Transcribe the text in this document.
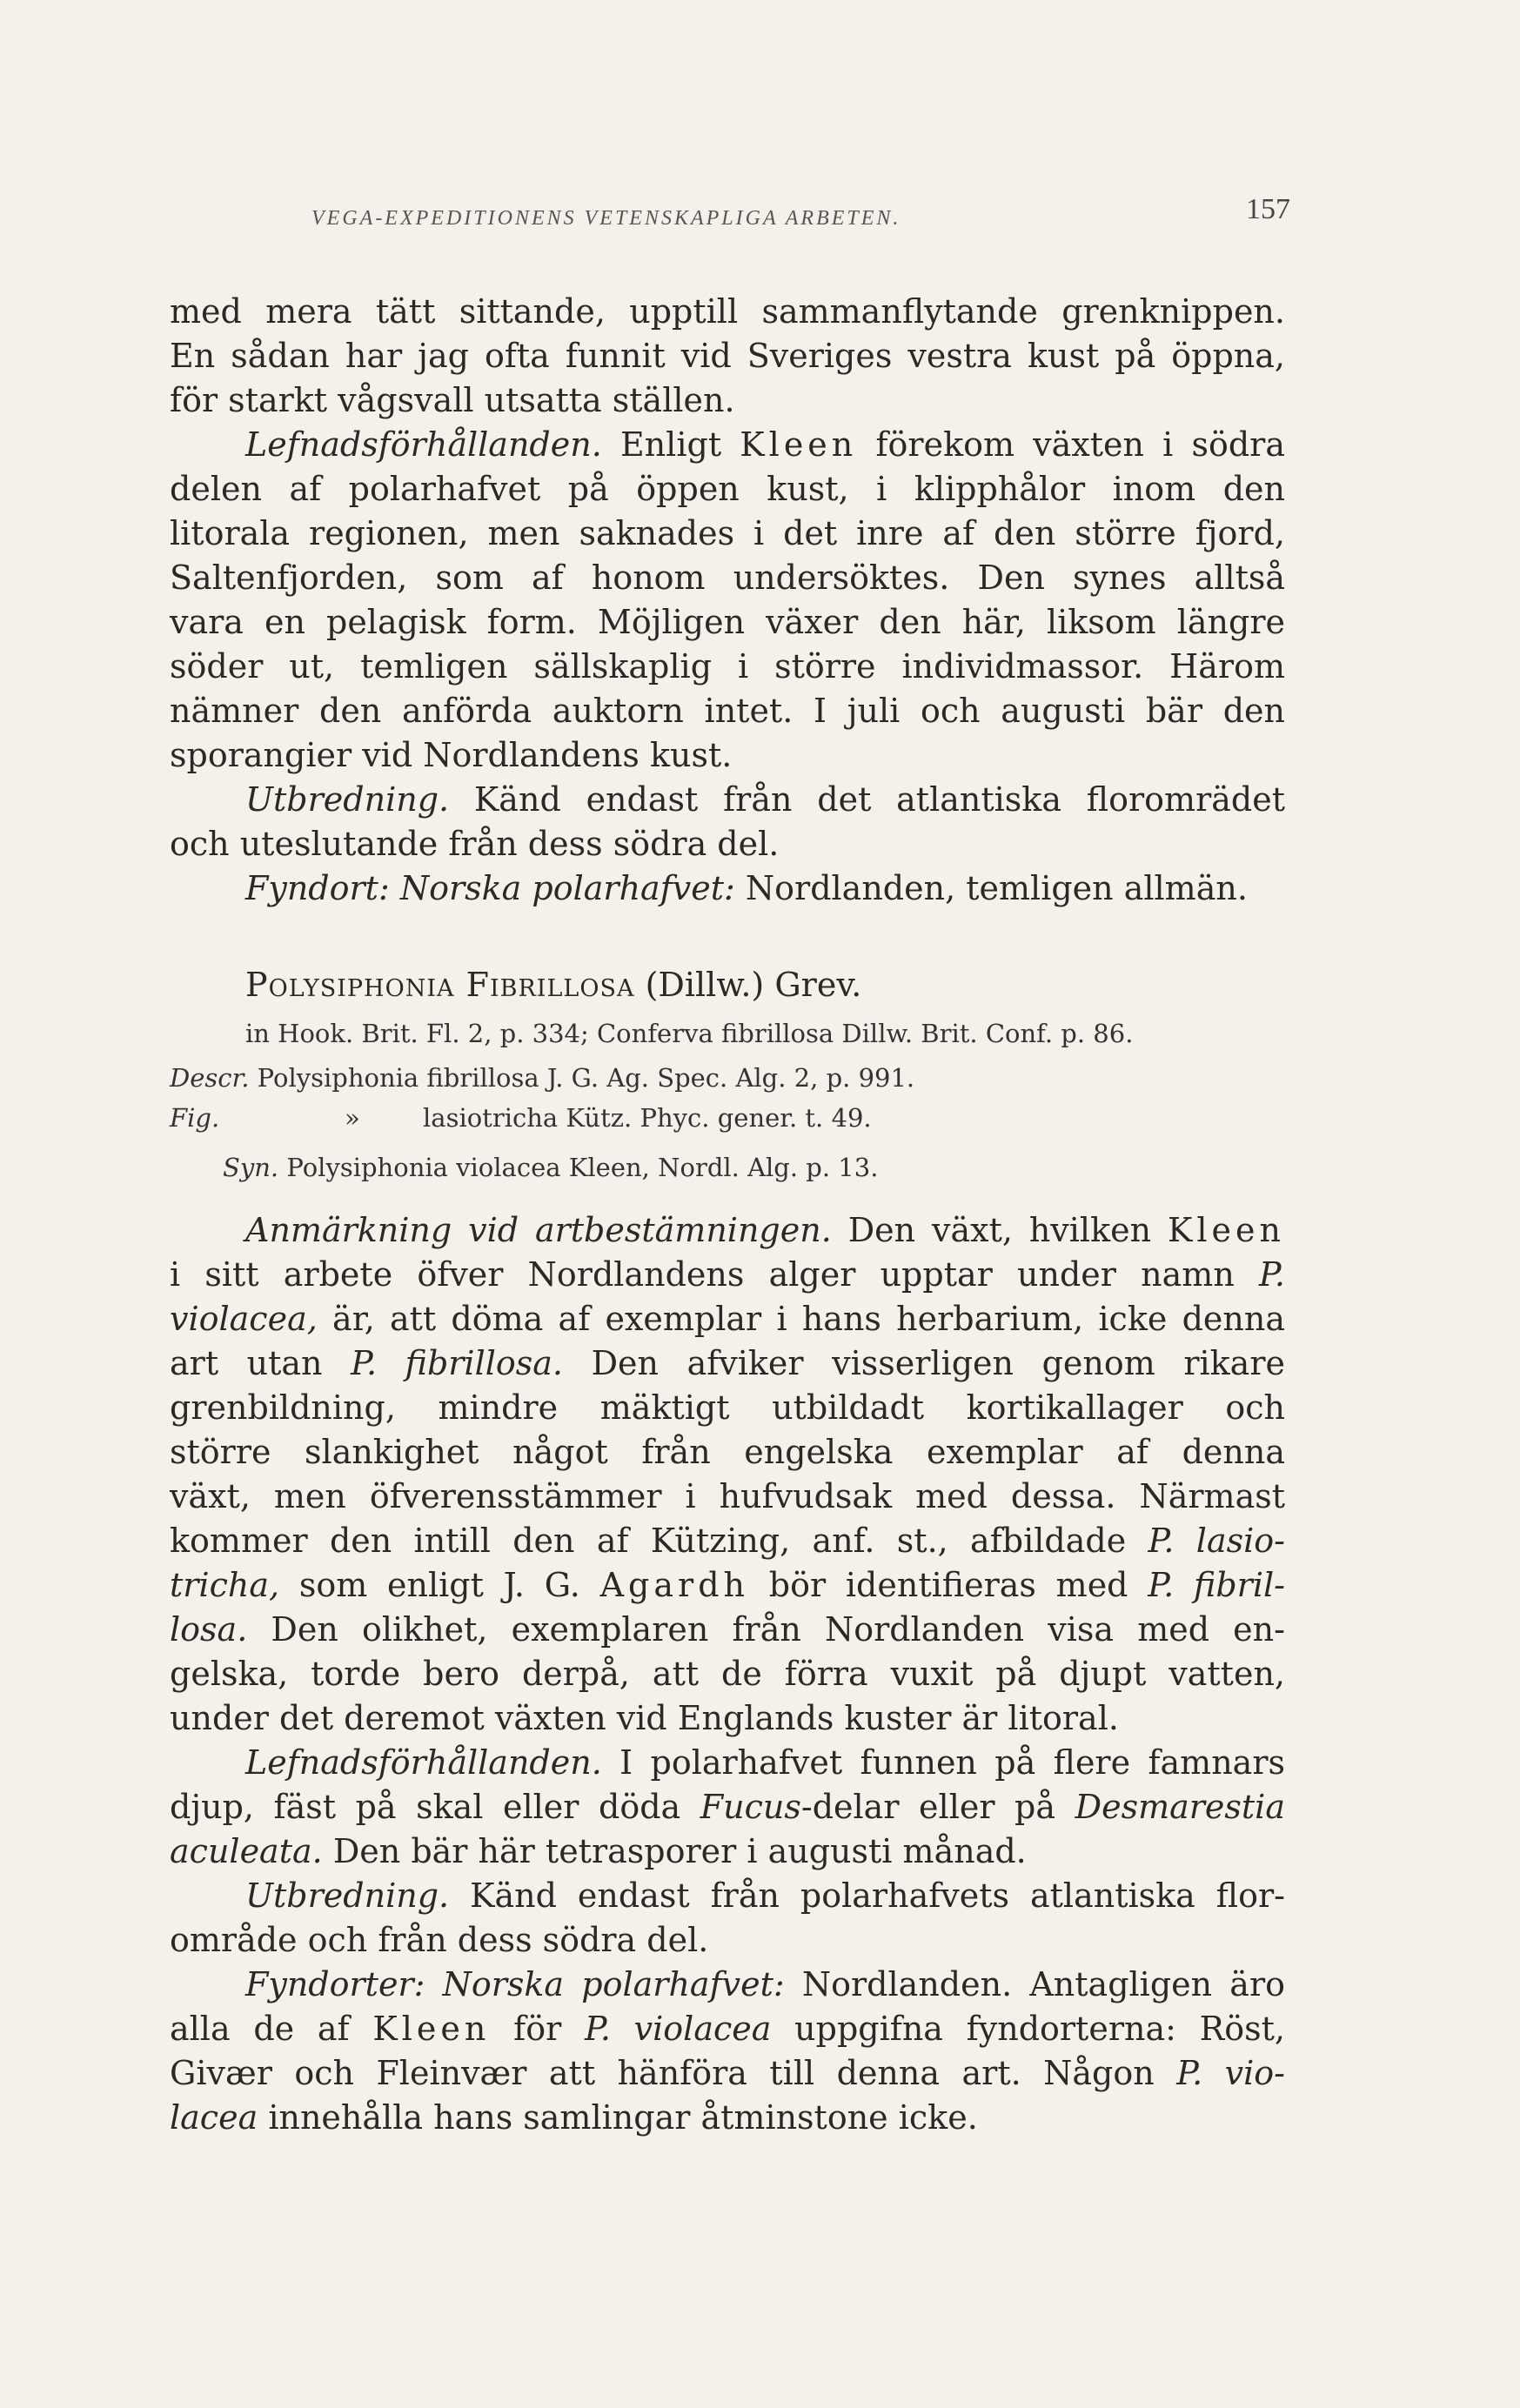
VEGA-EXPEDITIONENS VETENSKAPLIGA ARBETEN.	157
med mera tätt sittande, upptill sammanflytande grenknippen.
En sådan har jag ofta funnit vid Sveriges vestra kust på öppna,
för starkt vågsvall utsatta ställen.
Lefnadsförhållanden. Enligt Kleen förekom växten i södra
delen af polarhafvet på öppen kust, i klipphålor inom den
litorala regionen, men saknades i det inre af den större fjord,
Saltenfjorden, som af honom undersöktes. Den synes alltså
vara en pelagisk form. Möjligen växer den här, liksom längre
söder ut, temligen sällskaplig i större individmassor. Härom
nämner den anförda auktorn intet. I juli och augusti bär den
sporangier vid Nordlandens kust.
Utbredning. Känd endast från det atlantiska floromrädet
och uteslutande från dess södra del.
Fyndort: Norska polarhafvet: Nordlanden, temligen allmän.
Polysiphonia Fibrillosa (Dillw.) Grev.
in Hook. Brit. Fl. 2, p. 334; Conferva fibrillosa Dillw. Brit. Conf. p. 86.
Descr. Polysiphonia fibrillosa J. G. Ag. Spec. Alg. 2, p. 991.
Fig.	» lasiotricha Kütz. Phyc. gener. t. 49.
Syn. Polysiphonia violacea Kleen, Nordl. Alg. p. 13.
Anmärkning vid artbestämningen. Den växt, hvilken Kleen
i sitt arbete öfver Nordlandens alger upptar under namn P.
violacea, är, att döma af exemplar i hans herbarium, icke denna
art utan P. fibrillosa. Den afviker visserligen genom rikare
grenbildning, mindre mäktigt utbildadt kortikallager och
större slankighet något från engelska exemplar af denna
växt, men öfverensstämmer i hufvudsak med dessa. Närmast
kommer den intill den af Kützing, anf. st., afbildade P. lasio-
tricha, som enligt J. G. Agardh bör identifieras med P. fibril-
losa. Den olikhet, exemplaren från Nordlanden visa med en-
gelska, torde bero derpå, att de förra vuxit på djupt vatten,
under det deremot växten vid Englands kuster är litoral.
Lefnadsförhållanden. I polarhafvet funnen på flere famnars
djup, fäst på skal eller döda Fucus-delar eller på Desmarestia
aculeata. Den bär här tetrasporer i augusti månad.
Utbredning. Känd endast från polarhafvets atlantiska flor-
område och från dess södra del.
Fyndorter: Norska polarhafvet: Nordlanden. Antagligen äro
alla de af Kleen för P. violacea uppgifna fyndorterna: Röst,
Givær och Fleinvær att hänföra till denna art. Någon P. vio-
lacea innehålla hans samlingar åtminstone icke.
